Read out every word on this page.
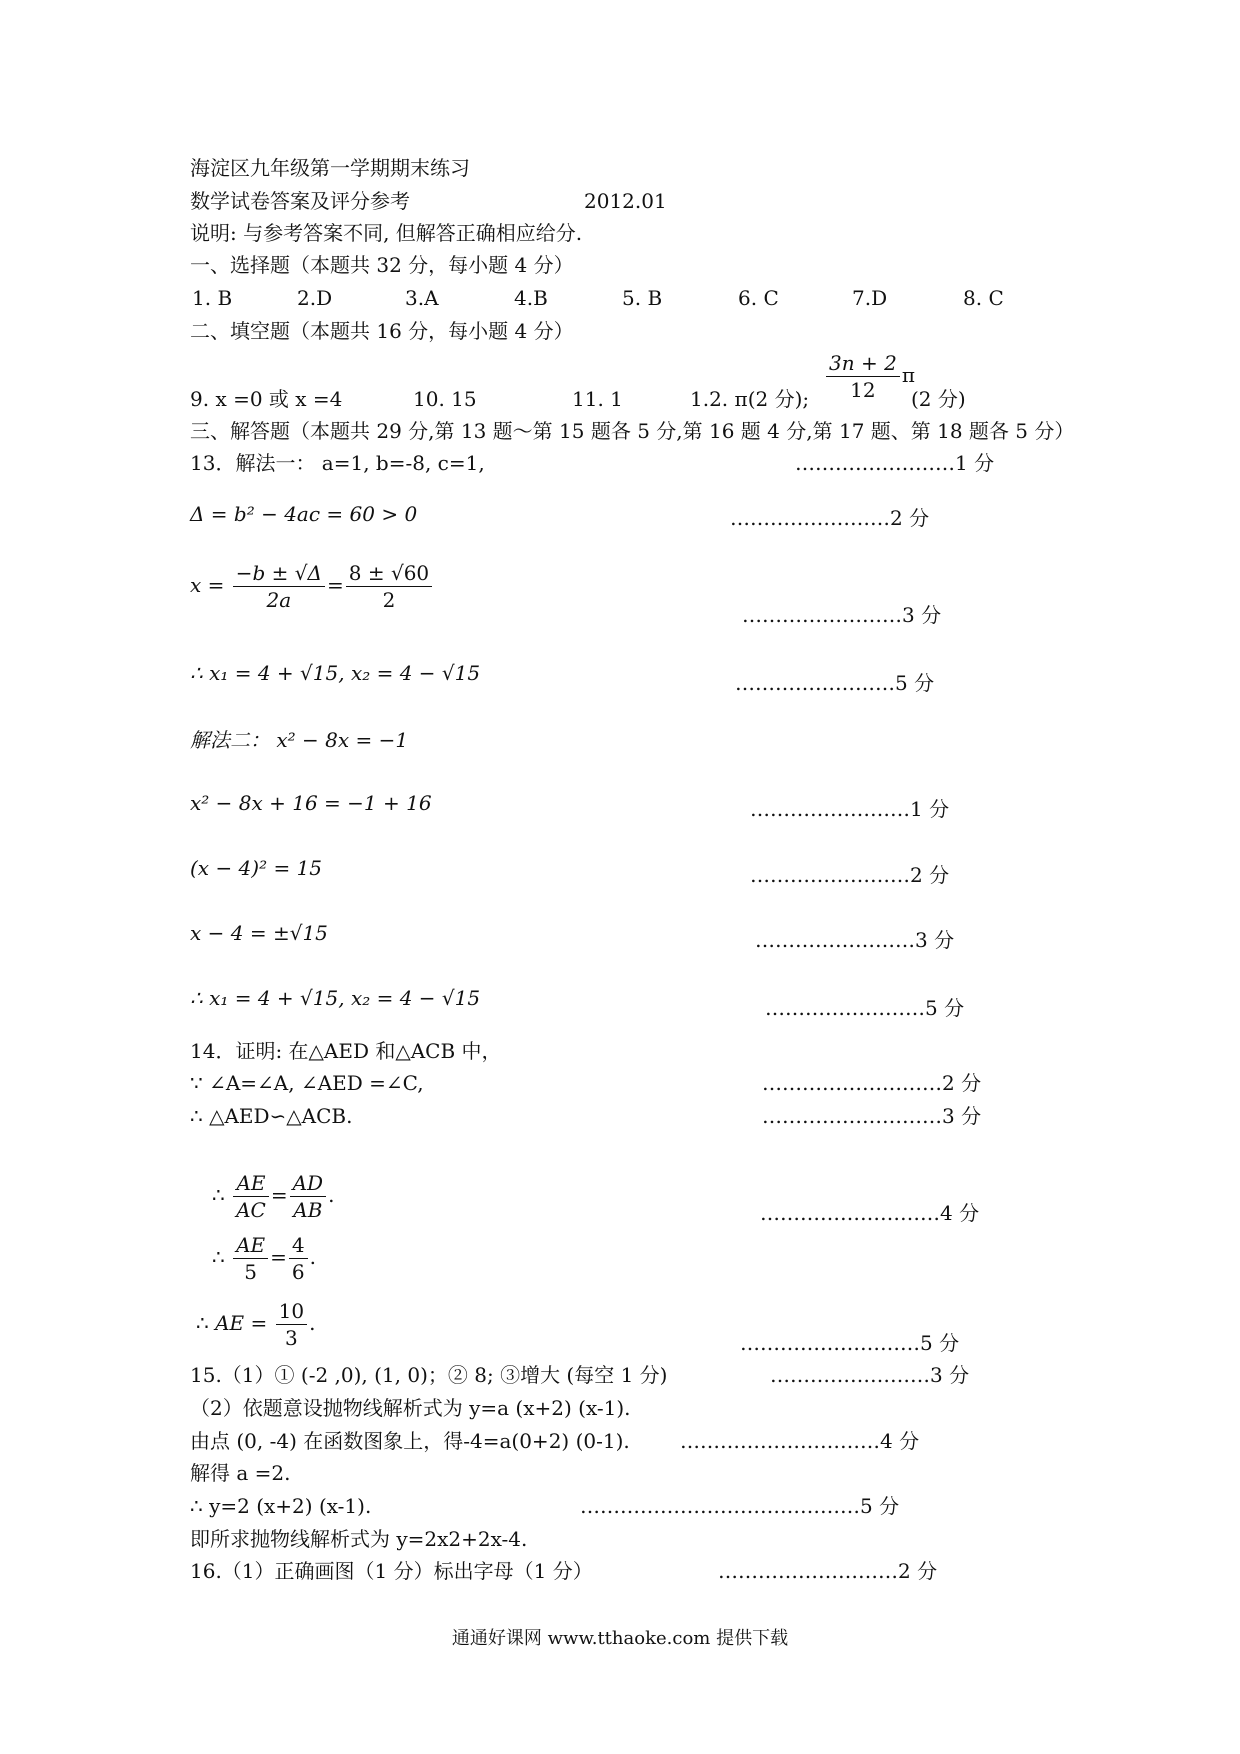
海淀区九年级第一学期期末练习
数学试卷答案及评分参考	2012.01
说明: 与参考答案不同, 但解答正确相应给分.
一、选择题（本题共 32 分，每小题 4 分）
1. B	2.D	3.A	4.B	5. B	6. C	7.D	8. C
二、填空题（本题共 16 分，每小题 4 分）
9. x =0 或 x =4	10. 15	11. 1	1.2. π(2 分); $\frac{3n + 2}{12}$ π
(2 分)
三、解答题（本题共 29 分,第 13 题～第 15 题各 5 分,第 16 题 4 分,第 17 题、第 18 题各 5 分）
13．解法一： a=1, b=-8, c=1,	……………………1 分
Δ = b² − 4ac = 60 > 0	……………………2 分
$x = \frac{-b \pm √\Delta}{2a} = \frac{8 \pm √60}{2}$
……………………3 分
∴ x₁ = 4 + √15, x₂ = 4 − √15	……………………5 分
解法二： x² − 8x = −1
x² − 8x + 16 = −1 + 16	……………………1 分
(x − 4)² = 15	……………………2 分
x − 4 = ±√15	……………………3 分
∴ x₁ = 4 + √15, x₂ = 4 − √15	……………………5 分
14．证明: 在△AED 和△ACB 中，
∵ ∠A=∠A, ∠AED =∠C,	………………………2 分
∴ △AED∽△ACB.	………………………3 分
∴ $\frac{AE}{AC} = \frac{AD}{AB}$ .
………………………4 分
∴ $\frac{AE}{5} = \frac{4}{6}$ .
∴ AE = $\frac{10}{3}$ .
………………………5 分
15.（1）① (-2 ,0), (1, 0)；② 8; ③增大 (每空 1 分)	……………………3 分
（2）依题意设抛物线解析式为 y=a (x+2) (x-1).
由点 (0, -4) 在函数图象上，得-4=a(0+2) (0-1).	…………………………4 分
解得 a =2.
∴ y=2 (x+2) (x-1).	……………………………………5 分
即所求抛物线解析式为 y=2x2+2x-4.
16.（1）正确画图（1 分）标出字母（1 分）	………………………2 分
通通好课网 www.tthaoke.com 提供下载
